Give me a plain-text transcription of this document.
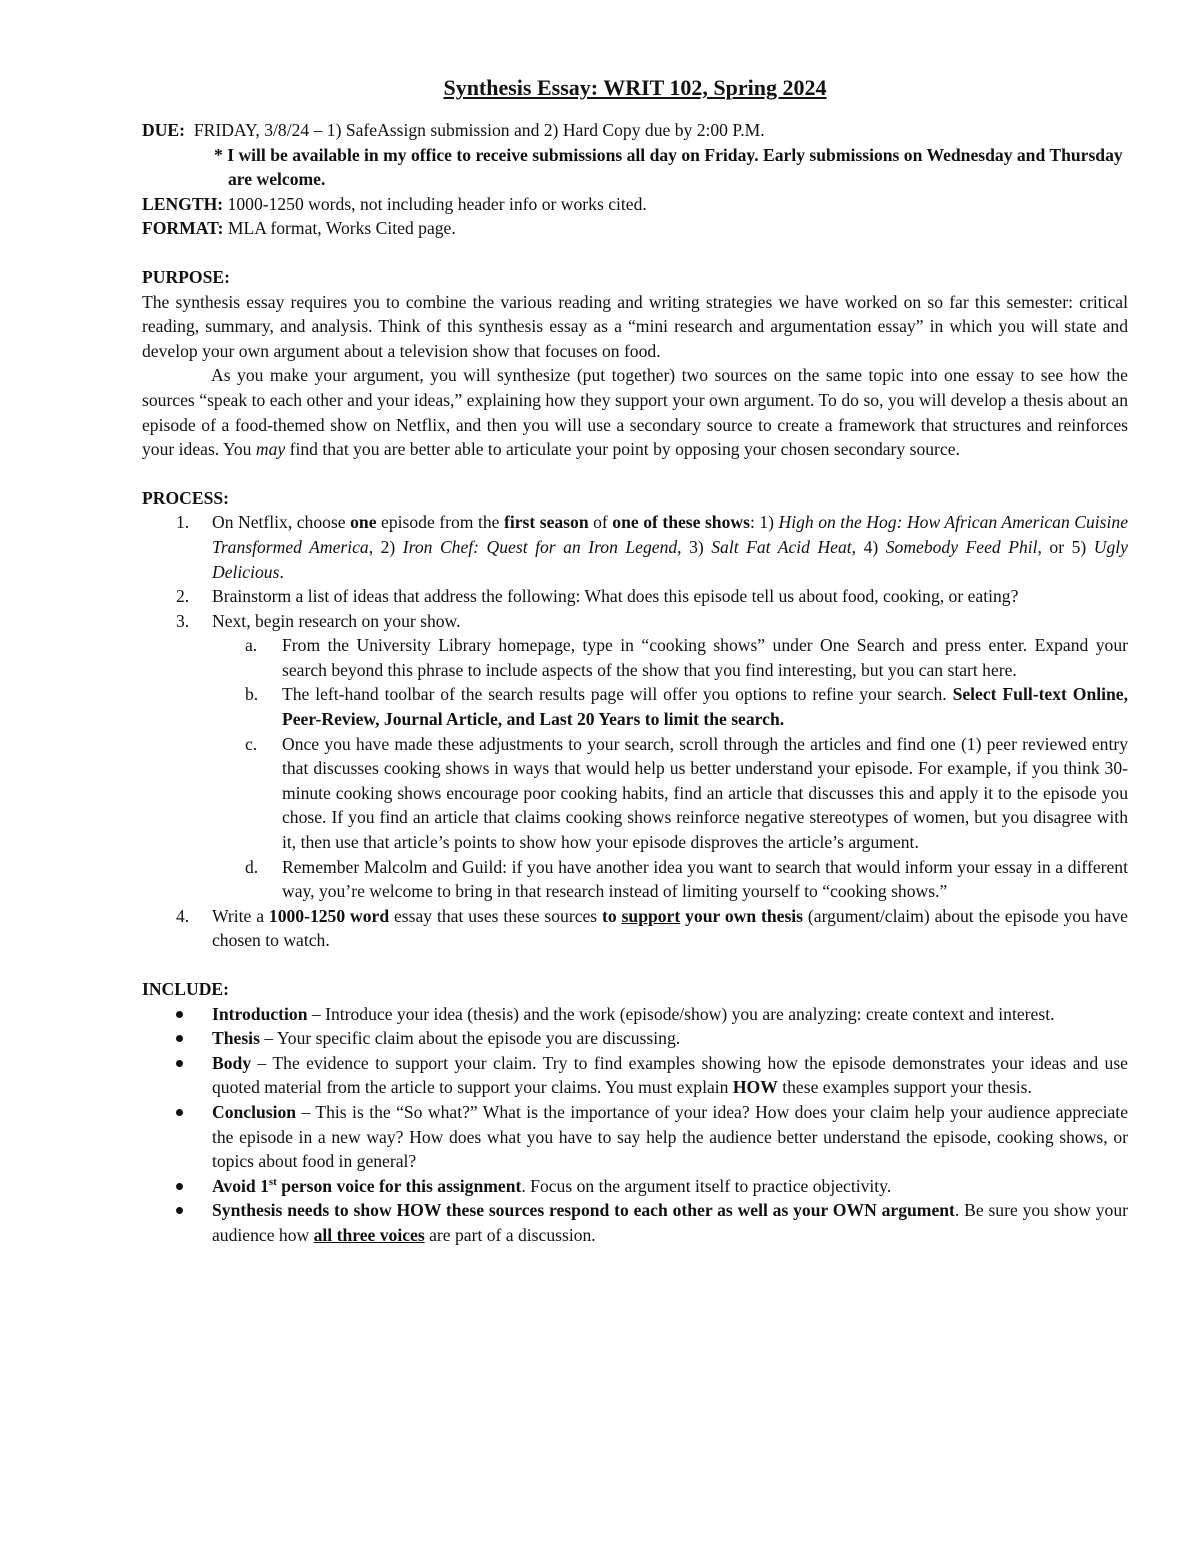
Synthesis Essay: WRIT 102, Spring 2024

DUE: FRIDAY, 3/8/24 – 1) SafeAssign submission and 2) Hard Copy due by 2:00 P.M.

* I will be available in my office to receive submissions all day on Friday. Early submissions on Wednesday and Thursday are welcome.

LENGTH: 1000-1250 words, not including header info or works cited.

FORMAT: MLA format, Works Cited page.

PURPOSE:

The synthesis essay requires you to combine the various reading and writing strategies we have worked on so far this semester: critical reading, summary, and analysis. Think of this synthesis essay as a “mini research and argumentation essay” in which you will state and develop your own argument about a television show that focuses on food.

As you make your argument, you will synthesize (put together) two sources on the same topic into one essay to see how the sources “speak to each other and your ideas,” explaining how they support your own argument. To do so, you will develop a thesis about an episode of a food-themed show on Netflix, and then you will use a secondary source to create a framework that structures and reinforces your ideas. You may find that you are better able to articulate your point by opposing your chosen secondary source.

PROCESS:

1. On Netflix, choose one episode from the first season of one of these shows: 1) High on the Hog: How African American Cuisine Transformed America, 2) Iron Chef: Quest for an Iron Legend, 3) Salt Fat Acid Heat, 4) Somebody Feed Phil, or 5) Ugly Delicious.
2. Brainstorm a list of ideas that address the following: What does this episode tell us about food, cooking, or eating?
3. Next, begin research on your show.
a. From the University Library homepage, type in “cooking shows” under One Search and press enter. Expand your search beyond this phrase to include aspects of the show that you find interesting, but you can start here.
b. The left-hand toolbar of the search results page will offer you options to refine your search. Select Full-text Online, Peer-Review, Journal Article, and Last 20 Years to limit the search.
c. Once you have made these adjustments to your search, scroll through the articles and find one (1) peer reviewed entry that discusses cooking shows in ways that would help us better understand your episode. For example, if you think 30-minute cooking shows encourage poor cooking habits, find an article that discusses this and apply it to the episode you chose. If you find an article that claims cooking shows reinforce negative stereotypes of women, but you disagree with it, then use that article’s points to show how your episode disproves the article’s argument.
d. Remember Malcolm and Guild: if you have another idea you want to search that would inform your essay in a different way, you’re welcome to bring in that research instead of limiting yourself to “cooking shows.”
4. Write a 1000-1250 word essay that uses these sources to support your own thesis (argument/claim) about the episode you have chosen to watch.

INCLUDE:

Introduction – Introduce your idea (thesis) and the work (episode/show) you are analyzing: create context and interest.
Thesis – Your specific claim about the episode you are discussing.
Body – The evidence to support your claim. Try to find examples showing how the episode demonstrates your ideas and use quoted material from the article to support your claims. You must explain HOW these examples support your thesis.
Conclusion – This is the “So what?” What is the importance of your idea? How does your claim help your audience appreciate the episode in a new way? How does what you have to say help the audience better understand the episode, cooking shows, or topics about food in general?
Avoid 1st person voice for this assignment. Focus on the argument itself to practice objectivity.
Synthesis needs to show HOW these sources respond to each other as well as your OWN argument. Be sure you show your audience how all three voices are part of a discussion.
